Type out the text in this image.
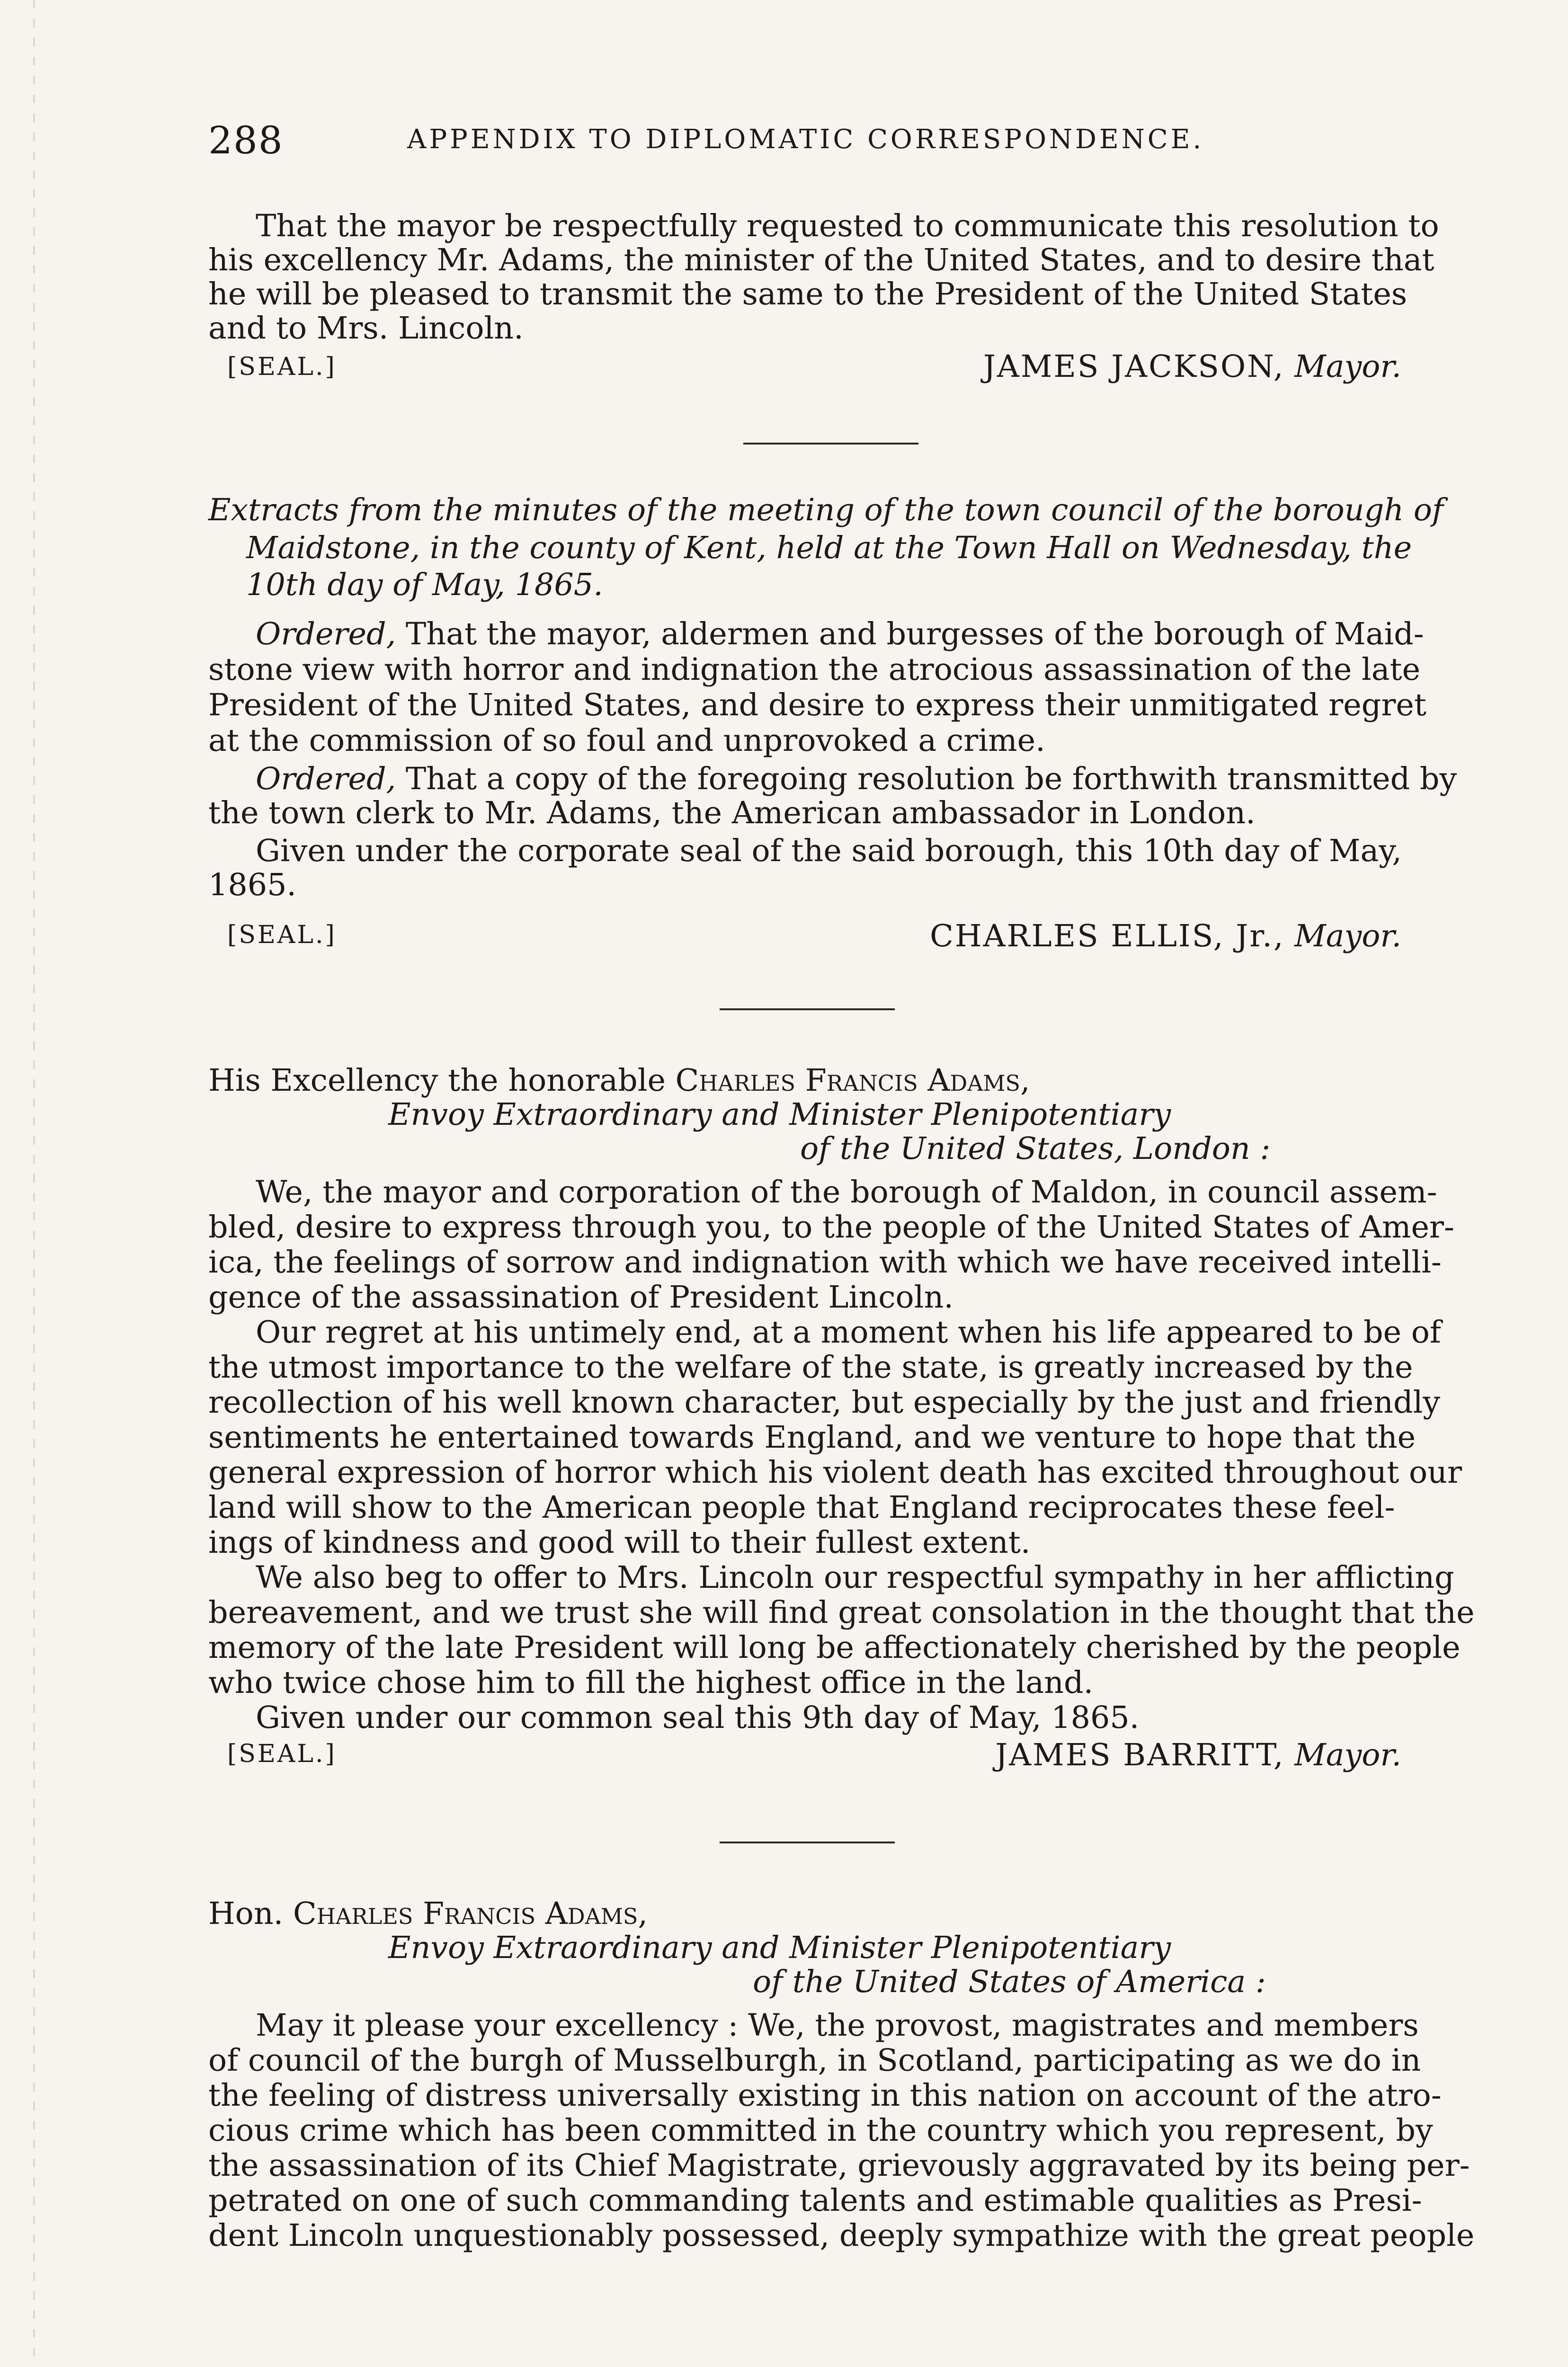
288	APPENDIX TO DIPLOMATIC CORRESPONDENCE.
That the mayor be respectfully requested to communicate this resolution to
his excellency Mr. Adams, the minister of the United States, and to desire that
he will be pleased to transmit the same to the President of the United States
and to Mrs. Lincoln.
[SEAL.]	JAMES JACKSON, Mayor.
Extracts from the minutes of the meeting of the town council of the borough of
Maidstone, in the county of Kent, held at the Town Hall on Wednesday, the
10th day of May, 1865.
Ordered, That the mayor, aldermen and burgesses of the borough of Maid-
stone view with horror and indignation the atrocious assassination of the late
President of the United States, and desire to express their unmitigated regret
at the commission of so foul and unprovoked a crime.
Ordered, That a copy of the foregoing resolution be forthwith transmitted by
the town clerk to Mr. Adams, the American ambassador in London.
Given under the corporate seal of the said borough, this 10th day of May,
1865.
[SEAL.]	CHARLES ELLIS, Jr., Mayor.
His Excellency the honorable Charles Francis Adams,
Envoy Extraordinary and Minister Plenipotentiary
of the United States, London :
We, the mayor and corporation of the borough of Maldon, in council assem-
bled, desire to express through you, to the people of the United States of Amer-
ica, the feelings of sorrow and indignation with which we have received intelli-
gence of the assassination of President Lincoln.
Our regret at his untimely end, at a moment when his life appeared to be of
the utmost importance to the welfare of the state, is greatly increased by the
recollection of his well known character, but especially by the just and friendly
sentiments he entertained towards England, and we venture to hope that the
general expression of horror which his violent death has excited throughout our
land will show to the American people that England reciprocates these feel-
ings of kindness and good will to their fullest extent.
We also beg to offer to Mrs. Lincoln our respectful sympathy in her afflicting
bereavement, and we trust she will find great consolation in the thought that the
memory of the late President will long be affectionately cherished by the people
who twice chose him to fill the highest office in the land.
Given under our common seal this 9th day of May, 1865.
[SEAL.]	JAMES BARRITT, Mayor.
Hon. Charles Francis Adams,
Envoy Extraordinary and Minister Plenipotentiary
of the United States of America :
May it please your excellency : We, the provost, magistrates and members
of council of the burgh of Musselburgh, in Scotland, participating as we do in
the feeling of distress universally existing in this nation on account of the atro-
cious crime which has been committed in the country which you represent, by
the assassination of its Chief Magistrate, grievously aggravated by its being per-
petrated on one of such commanding talents and estimable qualities as Presi-
dent Lincoln unquestionably possessed, deeply sympathize with the great people
